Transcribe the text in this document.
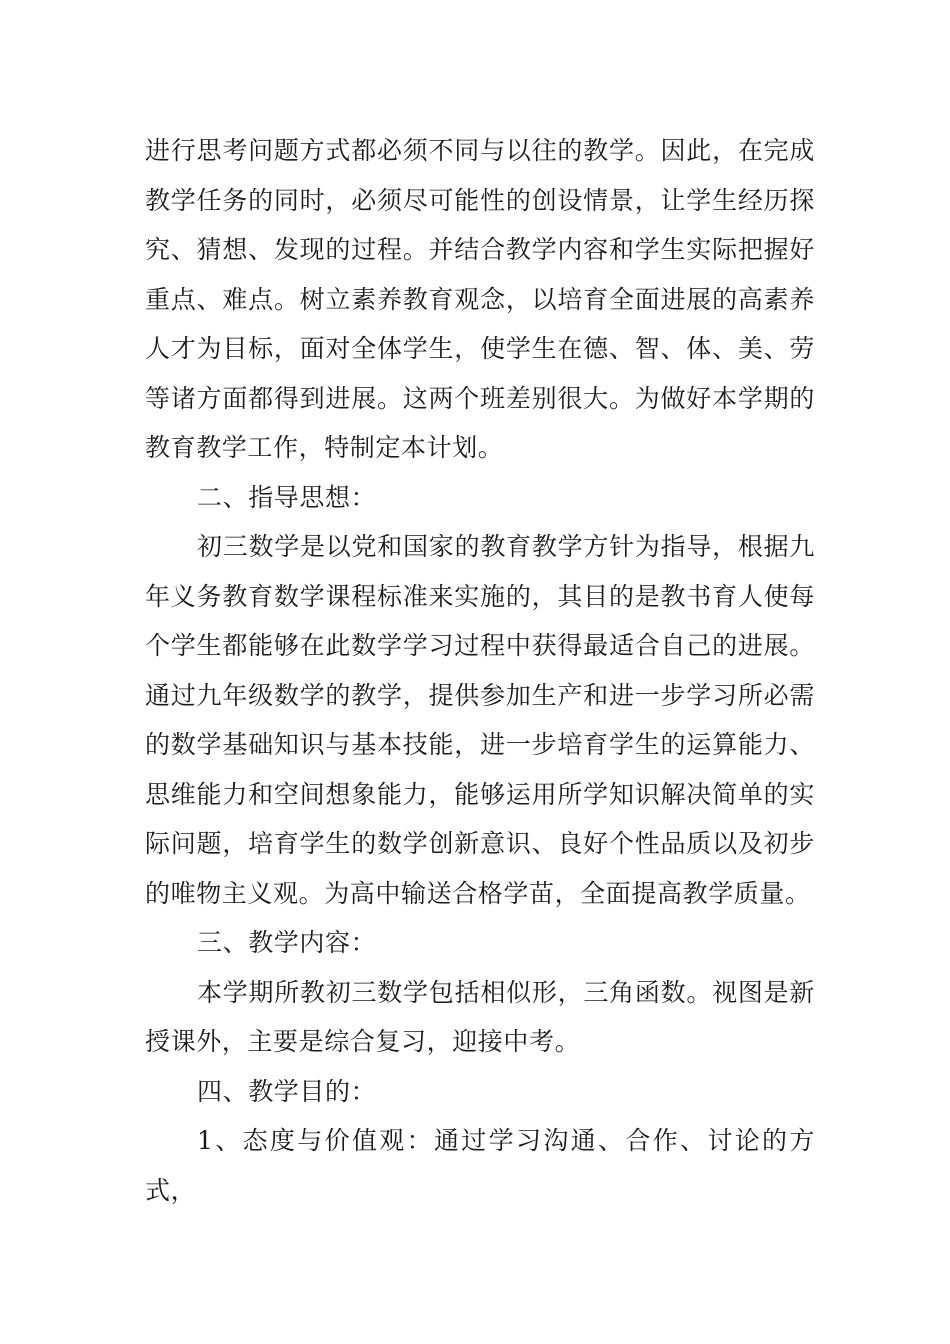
进行思考问题方式都必须不同与以往的教学。因此，在完成教学任务的同时，必须尽可能性的创设情景，让学生经历探究、猜想、发现的过程。并结合教学内容和学生实际把握好重点、难点。树立素养教育观念，以培育全面进展的高素养人才为目标，面对全体学生，使学生在德、智、体、美、劳等诸方面都得到进展。这两个班差别很大。为做好本学期的教育教学工作，特制定本计划。

二、指导思想：

初三数学是以党和国家的教育教学方针为指导，根据九年义务教育数学课程标准来实施的，其目的是教书育人使每个学生都能够在此数学学习过程中获得最适合自己的进展。通过九年级数学的教学，提供参加生产和进一步学习所必需的数学基础知识与基本技能，进一步培育学生的运算能力、思维能力和空间想象能力，能够运用所学知识解决简单的实际问题，培育学生的数学创新意识、良好个性品质以及初步的唯物主义观。为高中输送合格学苗，全面提高教学质量。

三、教学内容：

本学期所教初三数学包括相似形，三角函数。视图是新授课外，主要是综合复习，迎接中考。

四、教学目的：

1、态度与价值观：通过学习沟通、合作、讨论的方式，
